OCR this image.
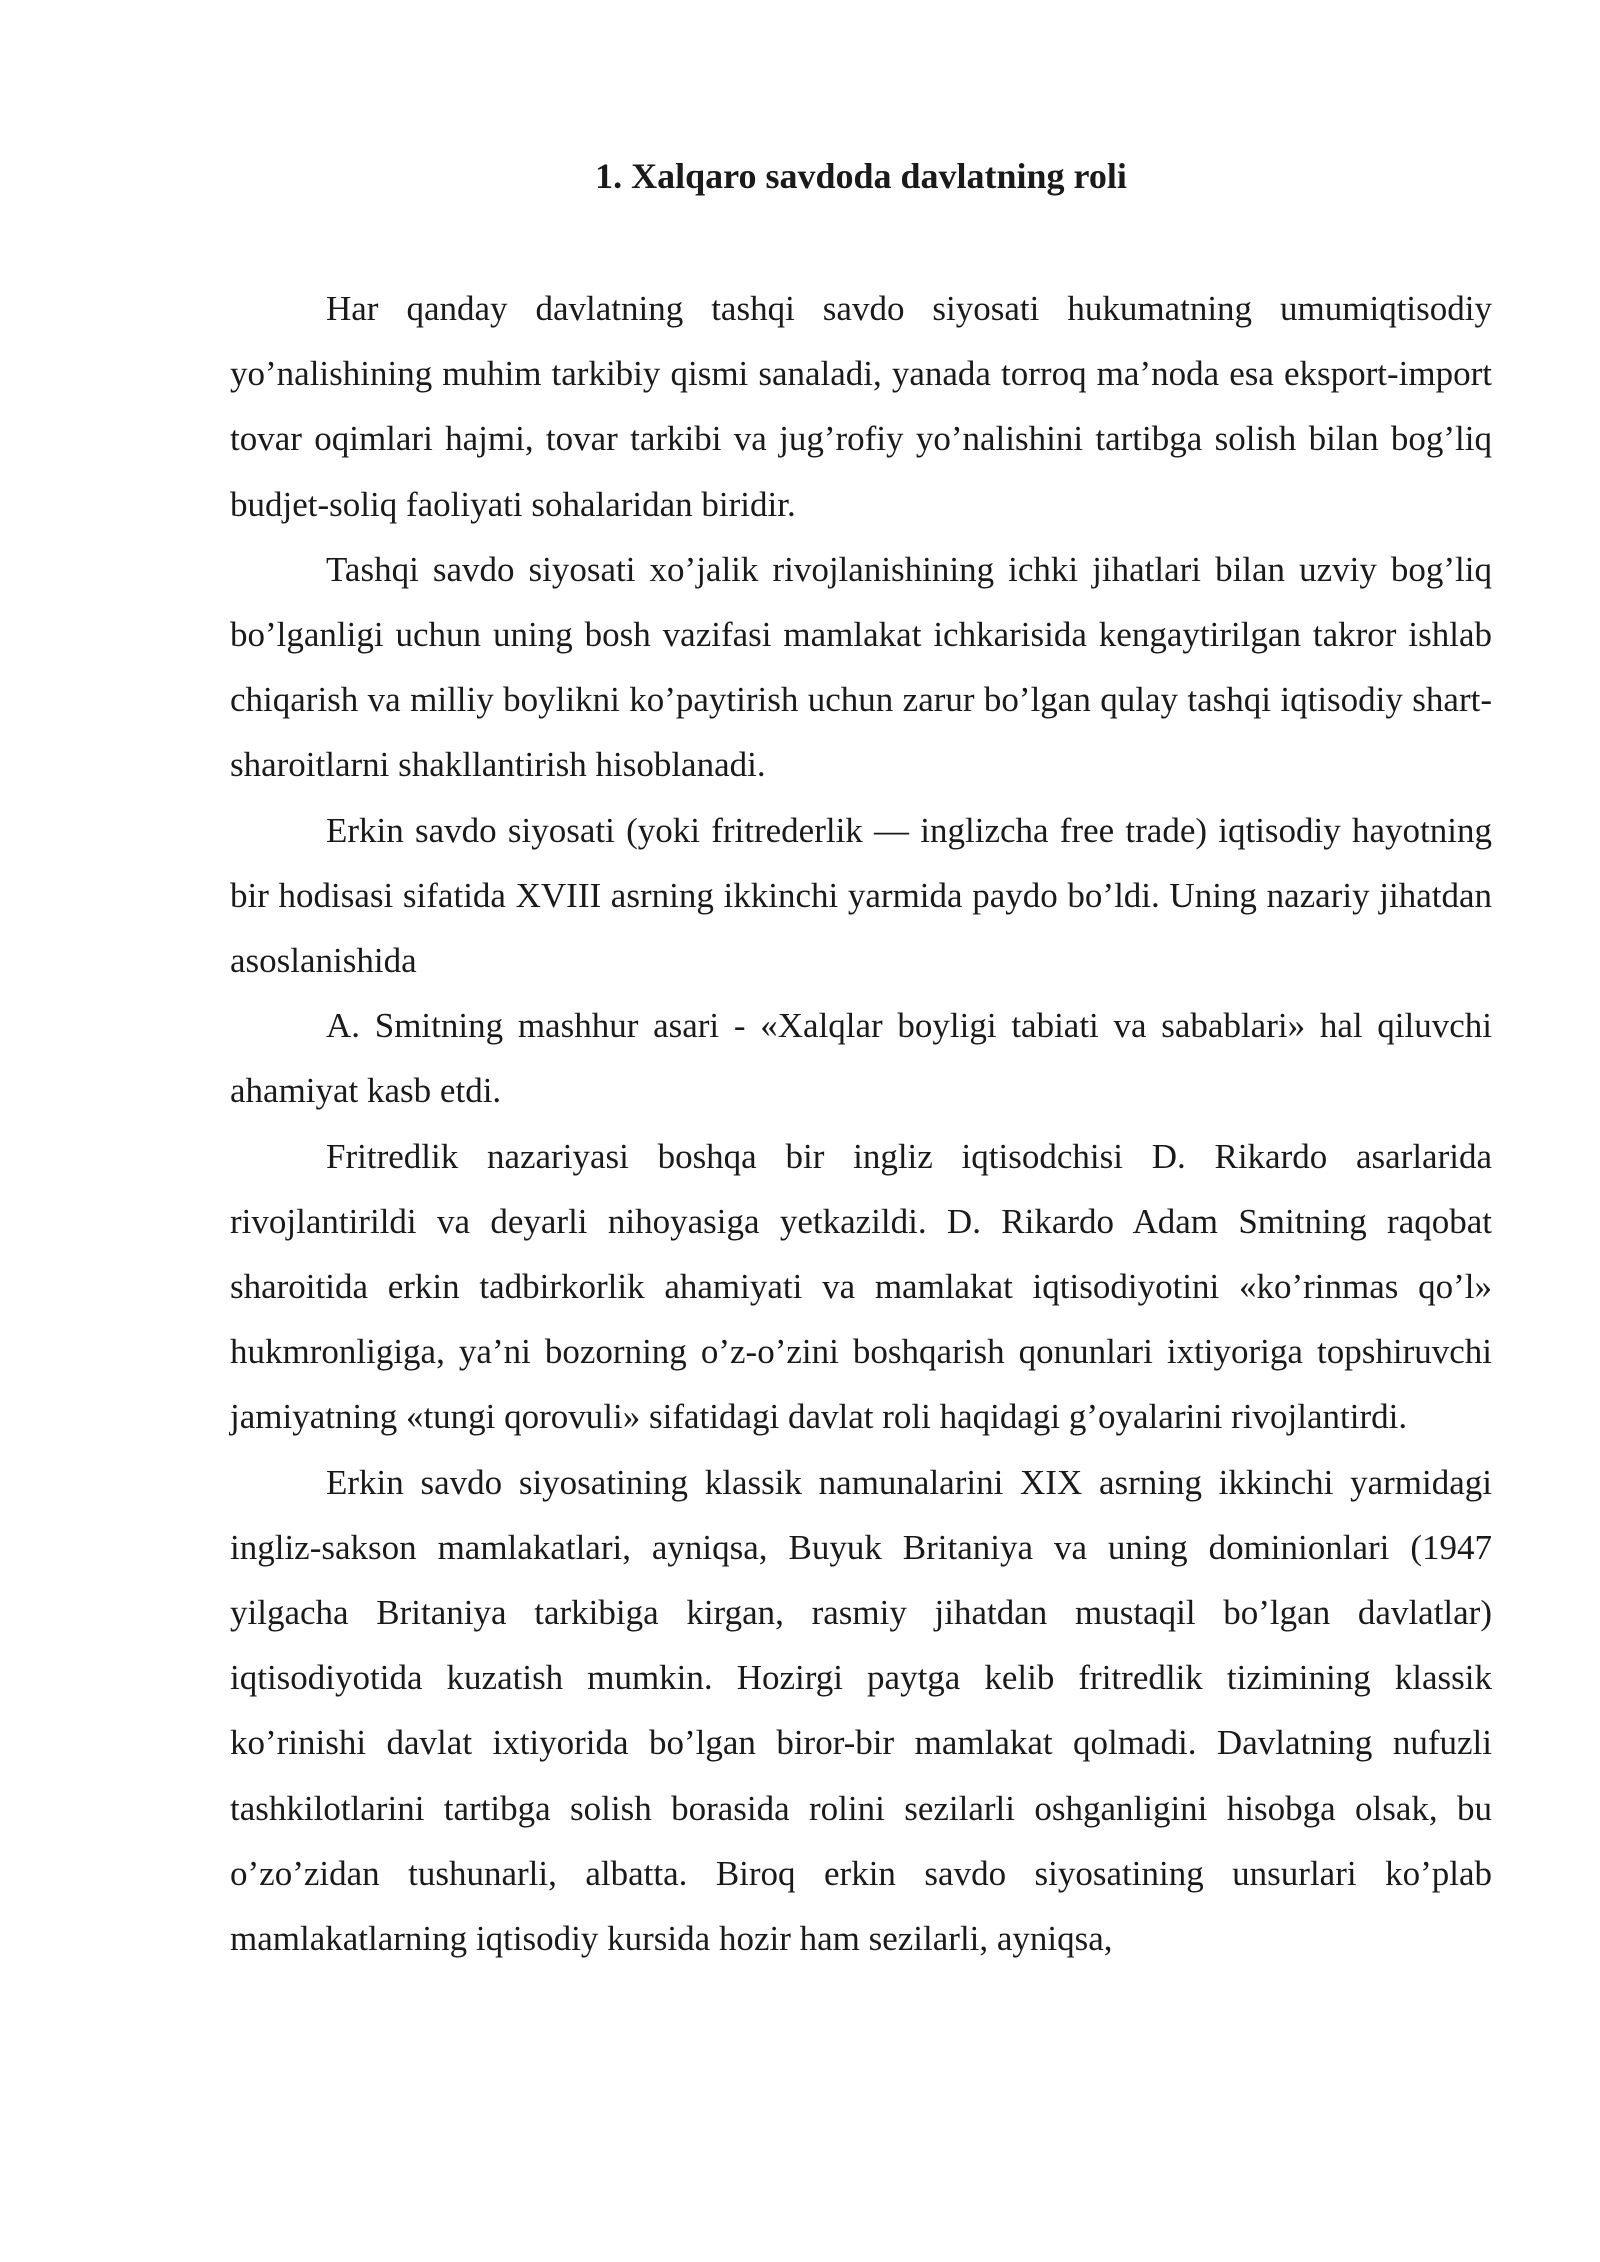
1. Xalqaro savdoda davlatning roli

Har qanday davlatning tashqi savdo siyosati hukumatning umumiqtisodiy yo’nalishining muhim tarkibiy qismi sanaladi, yanada torroq ma’noda esa eksport-import tovar oqimlari hajmi, tovar tarkibi va jug’rofiy yo’nalishini tartibga solish bilan bog’liq budjet-soliq faoliyati sohalaridan biridir.

Tashqi savdo siyosati xo’jalik rivojlanishining ichki jihatlari bilan uzviy bog’liq bo’lganligi uchun uning bosh vazifasi mamlakat ichkarisida kengaytirilgan takror ishlab chiqarish va milliy boylikni ko’paytirish uchun zarur bo’lgan qulay tashqi iqtisodiy shart-sharoitlarni shakllantirish hisoblanadi.

Erkin savdo siyosati (yoki fritrederlik — inglizcha free trade) iqtisodiy hayotning bir hodisasi sifatida XVIII asrning ikkinchi yarmida paydo bo’ldi. Uning nazariy jihatdan asoslanishida

A. Smitning mashhur asari - «Xalqlar boyligi tabiati va sabablari» hal qiluvchi ahamiyat kasb etdi.

Fritredlik nazariyasi boshqa bir ingliz iqtisodchisi D. Rikardo asarlarida rivojlantirildi va deyarli nihoyasiga yetkazildi. D. Rikardo Adam Smitning raqobat sharoitida erkin tadbirkorlik ahamiyati va mamlakat iqtisodiyotini «ko’rinmas qo’l» hukmronligiga, ya’ni bozorning o’z-o’zini boshqarish qonunlari ixtiyoriga topshiruvchi jamiyatning «tungi qorovuli» sifatidagi davlat roli haqidagi g’oyalarini rivojlantirdi.

Erkin savdo siyosatining klassik namunalarini XIX asrning ikkinchi yarmidagi ingliz-sakson mamlakatlari, ayniqsa, Buyuk Britaniya va uning dominionlari (1947 yilgacha Britaniya tarkibiga kirgan, rasmiy jihatdan mustaqil bo’lgan davlatlar) iqtisodiyotida kuzatish mumkin. Hozirgi paytga kelib fritredlik tizimining klassik ko’rinishi davlat ixtiyorida bo’lgan biror-bir mamlakat qolmadi. Davlatning nufuzli tashkilotlarini tartibga solish borasida rolini sezilarli oshganligini hisobga olsak, bu o’zo’zidan tushunarli, albatta. Biroq erkin savdo siyosatining unsurlari ko’plab mamlakatlarning iqtisodiy kursida hozir ham sezilarli, ayniqsa,
